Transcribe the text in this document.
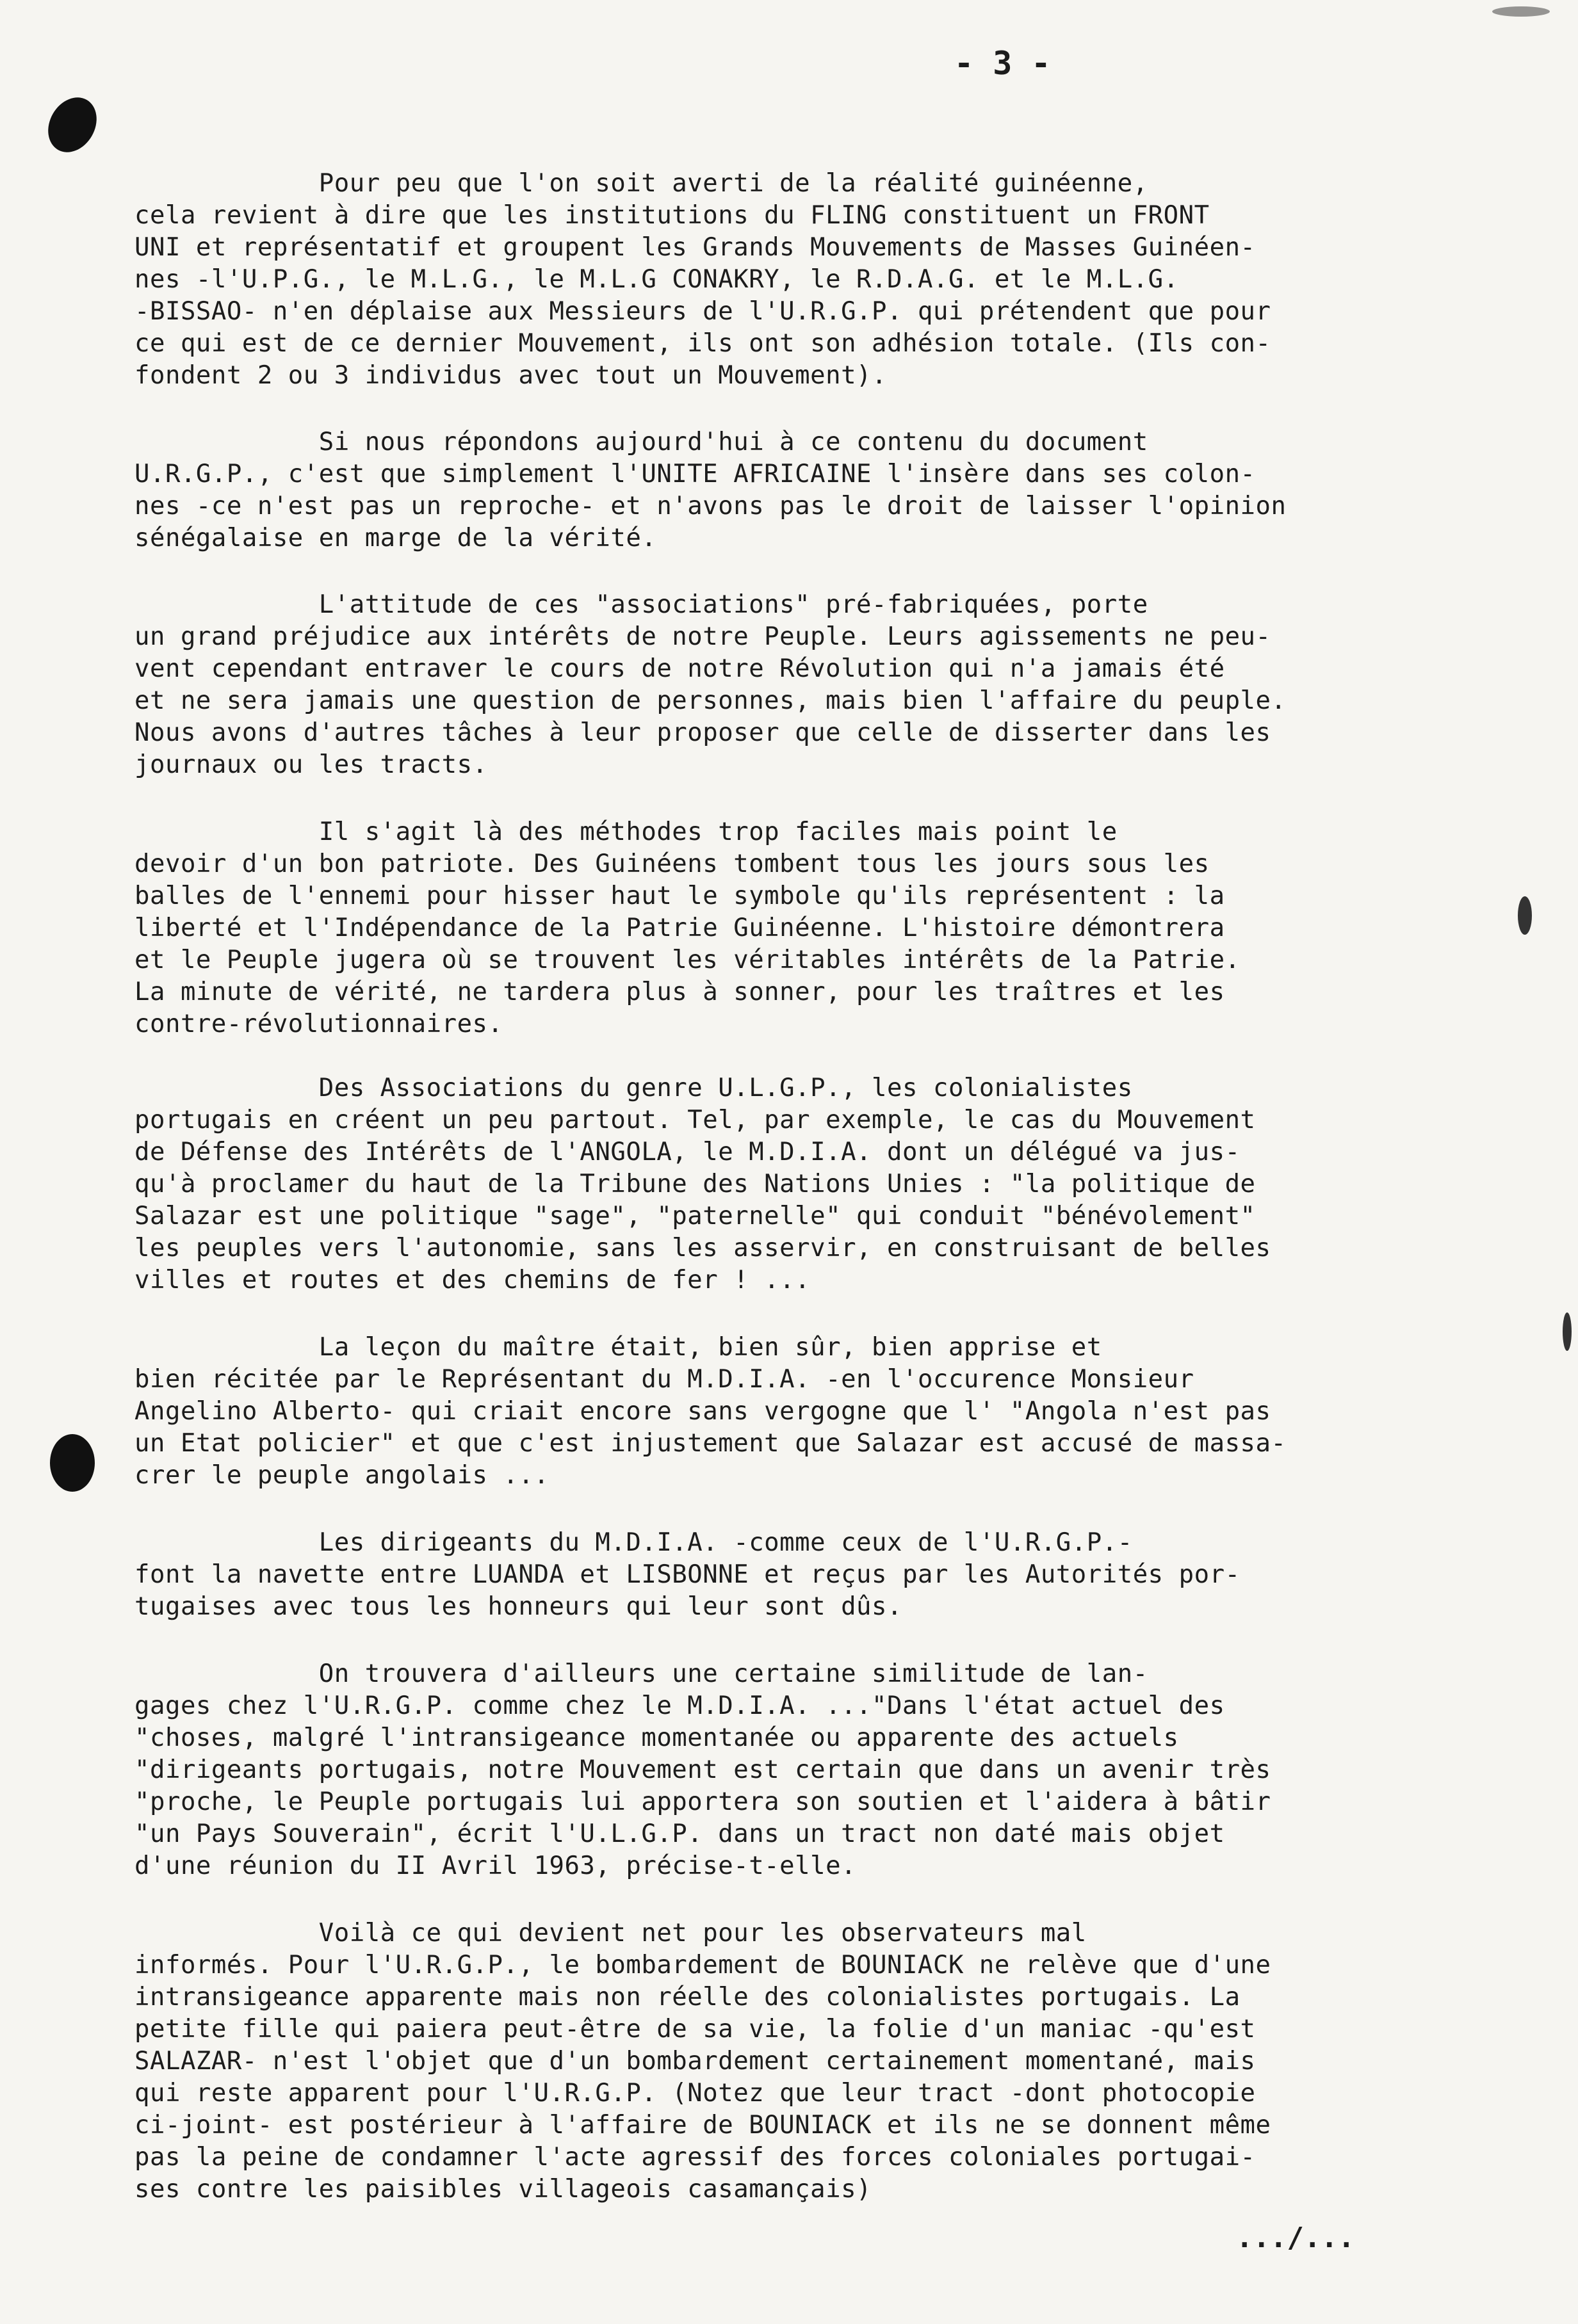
- 3 -

Pour peu que l'on soit averti de la réalité guinéenne,
cela revient à dire que les institutions du FLING constituent un FRONT
UNI et représentatif et groupent les Grands Mouvements de Masses Guinéen-
nes -l'U.P.G., le M.L.G., le M.L.G CONAKRY, le R.D.A.G. et le M.L.G.
-BISSAO- n'en déplaise aux Messieurs de l'U.R.G.P. qui prétendent que pour
ce qui est de ce dernier Mouvement, ils ont son adhésion totale. (Ils con-
fondent 2 ou 3 individus avec tout un Mouvement).

Si nous répondons aujourd'hui à ce contenu du document
U.R.G.P., c'est que simplement l'UNITE AFRICAINE l'insère dans ses colon-
nes -ce n'est pas un reproche- et n'avons pas le droit de laisser l'opinion
sénégalaise en marge de la vérité.

L'attitude de ces "associations" pré-fabriquées, porte
un grand préjudice aux intérêts de notre Peuple. Leurs agissements ne peu-
vent cependant entraver le cours de notre Révolution qui n'a jamais été
et ne sera jamais une question de personnes, mais bien l'affaire du peuple.
Nous avons d'autres tâches à leur proposer que celle de disserter dans les
journaux ou les tracts.

Il s'agit là des méthodes trop faciles mais point le
devoir d'un bon patriote. Des Guinéens tombent tous les jours sous les
balles de l'ennemi pour hisser haut le symbole qu'ils représentent : la
liberté et l'Indépendance de la Patrie Guinéenne. L'histoire démontrera
et le Peuple jugera où se trouvent les véritables intérêts de la Patrie.
La minute de vérité, ne tardera plus à sonner, pour les traîtres et les
contre-révolutionnaires.

Des Associations du genre U.L.G.P., les colonialistes
portugais en créent un peu partout. Tel, par exemple, le cas du Mouvement
de Défense des Intérêts de l'ANGOLA, le M.D.I.A. dont un délégué va jus-
qu'à proclamer du haut de la Tribune des Nations Unies : "la politique de
Salazar est une politique "sage", "paternelle" qui conduit "bénévolement"
les peuples vers l'autonomie, sans les asservir, en construisant de belles
villes et routes et des chemins de fer ! ...

La leçon du maître était, bien sûr, bien apprise et
bien récitée par le Représentant du M.D.I.A. -en l'occurence Monsieur
Angelino Alberto- qui criait encore sans vergogne que l' "Angola n'est pas
un Etat policier" et que c'est injustement que Salazar est accusé de massa-
crer le peuple angolais ...

Les dirigeants du M.D.I.A. -comme ceux de l'U.R.G.P.-
font la navette entre LUANDA et LISBONNE et reçus par les Autorités por-
tugaises avec tous les honneurs qui leur sont dûs.

On trouvera d'ailleurs une certaine similitude de lan-
gages chez l'U.R.G.P. comme chez le M.D.I.A. ..."Dans l'état actuel des
"choses, malgré l'intransigeance momentanée ou apparente des actuels
"dirigeants portugais, notre Mouvement est certain que dans un avenir très
"proche, le Peuple portugais lui apportera son soutien et l'aidera à bâtir
"un Pays Souverain", écrit l'U.L.G.P. dans un tract non daté mais objet
d'une réunion du II Avril 1963, précise-t-elle.

Voilà ce qui devient net pour les observateurs mal
informés. Pour l'U.R.G.P., le bombardement de BOUNIACK ne relève que d'une
intransigeance apparente mais non réelle des colonialistes portugais. La
petite fille qui paiera peut-être de sa vie, la folie d'un maniac -qu'est
SALAZAR- n'est l'objet que d'un bombardement certainement momentané, mais
qui reste apparent pour l'U.R.G.P. (Notez que leur tract -dont photocopie
ci-joint- est postérieur à l'affaire de BOUNIACK et ils ne se donnent même
pas la peine de condamner l'acte agressif des forces coloniales portugai-
ses contre les paisibles villageois casamançais)

.../...
